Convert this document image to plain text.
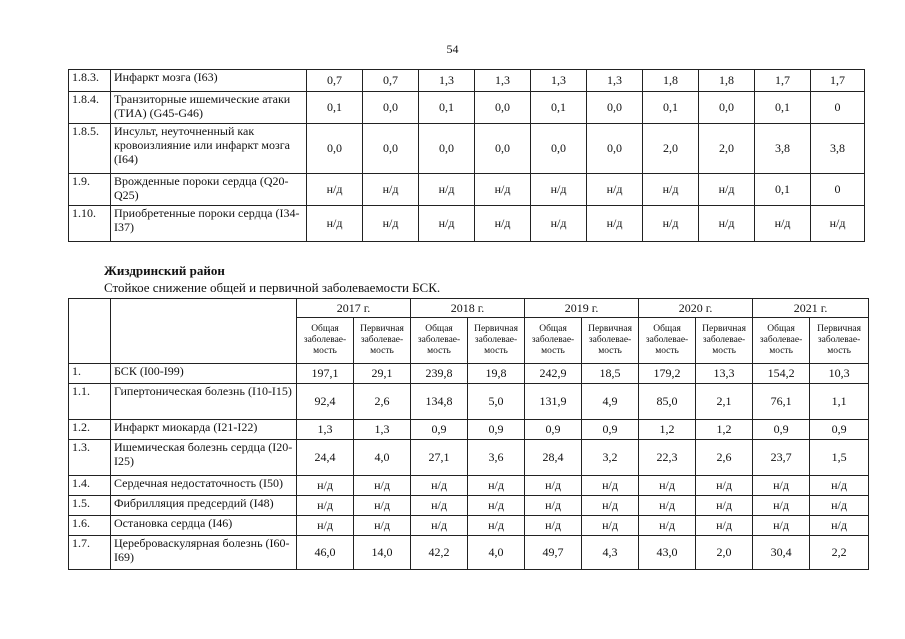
54
1.8.3.	Инфаркт мозга (I63)	0,7	0,7	1,3	1,3	1,3	1,3	1,8	1,8	1,7	1,7
1.8.4.	Транзиторные ишемические атаки (ТИА) (G45-G46)	0,1	0,0	0,1	0,0	0,1	0,0	0,1	0,0	0,1	0
1.8.5.	Инсульт, неуточненный как кровоизлияние или инфаркт мозга (I64)	0,0	0,0	0,0	0,0	0,0	0,0	2,0	2,0	3,8	3,8
1.9.	Врожденные пороки сердца (Q20-Q25)	н/д	н/д	н/д	н/д	н/д	н/д	н/д	н/д	0,1	0
1.10.	Приобретенные пороки сердца (I34-I37)	н/д	н/д	н/д	н/д	н/д	н/д	н/д	н/д	н/д	н/д
Жиздринский район
Стойкое снижение общей и первичной заболеваемости БСК.
		2017 г.		2018 г.		2019 г.		2020 г.		2021 г.	
		Общая заболевае-мость	Первичная заболевае-мость	Общая заболевае-мость	Первичная заболевае-мость	Общая заболевае-мость	Первичная заболевае-мость	Общая заболевае-мость	Первичная заболевае-мость	Общая заболевае-мость	Первичная заболевае-мость
1.	БСК (I00-I99)	197,1	29,1	239,8	19,8	242,9	18,5	179,2	13,3	154,2	10,3
1.1.	Гипертоническая болезнь (I10-I15)	92,4	2,6	134,8	5,0	131,9	4,9	85,0	2,1	76,1	1,1
1.2.	Инфаркт миокарда (I21-I22)	1,3	1,3	0,9	0,9	0,9	0,9	1,2	1,2	0,9	0,9
1.3.	Ишемическая болезнь сердца (I20-I25)	24,4	4,0	27,1	3,6	28,4	3,2	22,3	2,6	23,7	1,5
1.4.	Сердечная недостаточность (I50)	н/д	н/д	н/д	н/д	н/д	н/д	н/д	н/д	н/д	н/д
1.5.	Фибрилляция предсердий (I48)	н/д	н/д	н/д	н/д	н/д	н/д	н/д	н/д	н/д	н/д
1.6.	Остановка сердца (I46)	н/д	н/д	н/д	н/д	н/д	н/д	н/д	н/д	н/д	н/д
1.7.	Цереброваскулярная болезнь (I60-I69)	46,0	14,0	42,2	4,0	49,7	4,3	43,0	2,0	30,4	2,2
